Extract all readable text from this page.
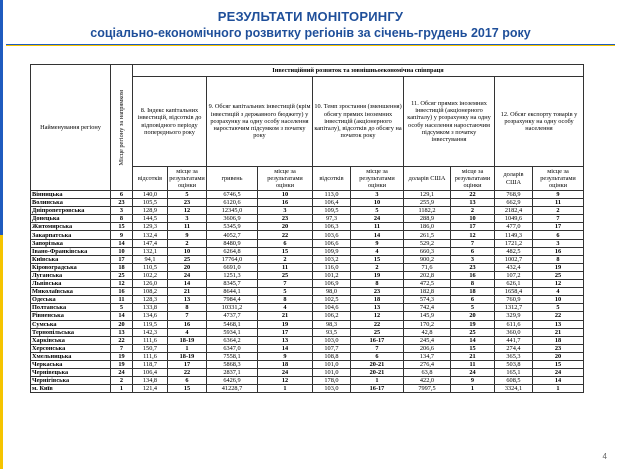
РЕЗУЛЬТАТИ МОНІТОРИНГУ
соціально-економічного розвитку регіонів за січень-грудень 2017 року
Найменування регіону	Місце регіону за напрямком	Інвестиційний розвиток та зовнішньоекономічна співпраця									
		8. Індекс капітальних інвестицій, відсотків до відповідного періоду попереднього року		9. Обсяг капітальних інвестицій (крім інвестицій з державного бюджету) у розрахунку на одну особу населення наростаючим підсумком з початку року		10. Темп зростання (зменшення) обсягу прямих іноземних інвестицій (акціонерного капіталу), відсотків до обсягу на початок року		11. Обсяг прямих іноземних інвестицій (акціонерного капіталу) у розрахунку на одну особу населення наростаючим підсумком з початку інвестування		12. Обсяг експорту товарів у розрахунку на одну особу населення	
		відсотків	місце за результатами оцінки	гривень	місце за результатами оцінки	відсотків	місце за результатами оцінки	доларів США	місце за результатами оцінки	доларів США	місце за результатами оцінки
Вінницька	6	140,0	5	6746,5	10	113,0	3	129,1	22	768,9	9
Волинська	23	105,5	23	6120,6	16	106,4	10	255,9	13	662,9	11
Дніпропетровська	3	128,9	12	12345,0	3	109,5	5	1182,2	2	2182,4	2
Донецька	8	144,5	3	3606,9	23	97,3	24	288,9	10	1049,6	7
Житомирська	15	129,3	11	5345,9	20	106,3	11	186,0	17	477,0	17
Закарпатська	9	132,4	9	4052,7	22	103,6	14	261,5	12	1149,3	6
Запорізька	14	147,4	2	8480,9	6	106,6	9	529,2	7	1721,2	3
Івано-Франківська	10	132,1	10	6264,8	15	109,9	4	660,3	6	482,5	16
Київська	17	94,1	25	17764,0	2	103,2	15	900,2	3	1002,7	8
Кіровоградська	18	110,5	20	6691,0	11	116,0	2	71,6	23	432,4	19
Луганська	25	102,2	24	1251,3	25	101,2	19	202,8	16	107,2	25
Львівська	12	126,0	14	8345,7	7	106,9	8	472,5	8	626,1	12
Миколаївська	16	108,2	21	8644,1	5	98,0	23	182,8	18	1658,4	4
Одеська	11	128,3	13	7984,4	8	102,5	18	574,3	6	760,9	10
Полтавська	5	133,8	8	10331,2	4	104,6	13	742,4	5	1312,7	5
Рівненська	14	134,6	7	4737,7	21	106,2	12	145,9	20	329,9	22
Сумська	20	119,5	16	5468,1	19	98,3	22	170,2	19	611,6	13
Тернопільська	13	142,3	4	5934,1	17	93,5	25	42,8	25	360,0	21
Харківська	22	111,6	18-19	6364,2	13	103,0	16-17	245,4	14	441,7	18
Херсонська	7	150,7	1	6347,0	14	107,7	7	206,6	15	274,4	23
Хмельницька	19	111,6	18-19	7558,1	9	108,8	6	134,7	21	365,3	20
Черкаська	19	118,7	17	5868,3	18	101,0	20-21	276,4	11	503,8	15
Чернівецька	24	106,4	22	2837,1	24	101,0	20-21	63,8	24	165,1	24
Чернігівська	2	134,8	6	6426,9	12	178,0	1	422,0	9	608,5	14
м. Київ	1	121,4	15	41228,7	1	103,0	16-17	7997,5	1	3324,1	1
4
